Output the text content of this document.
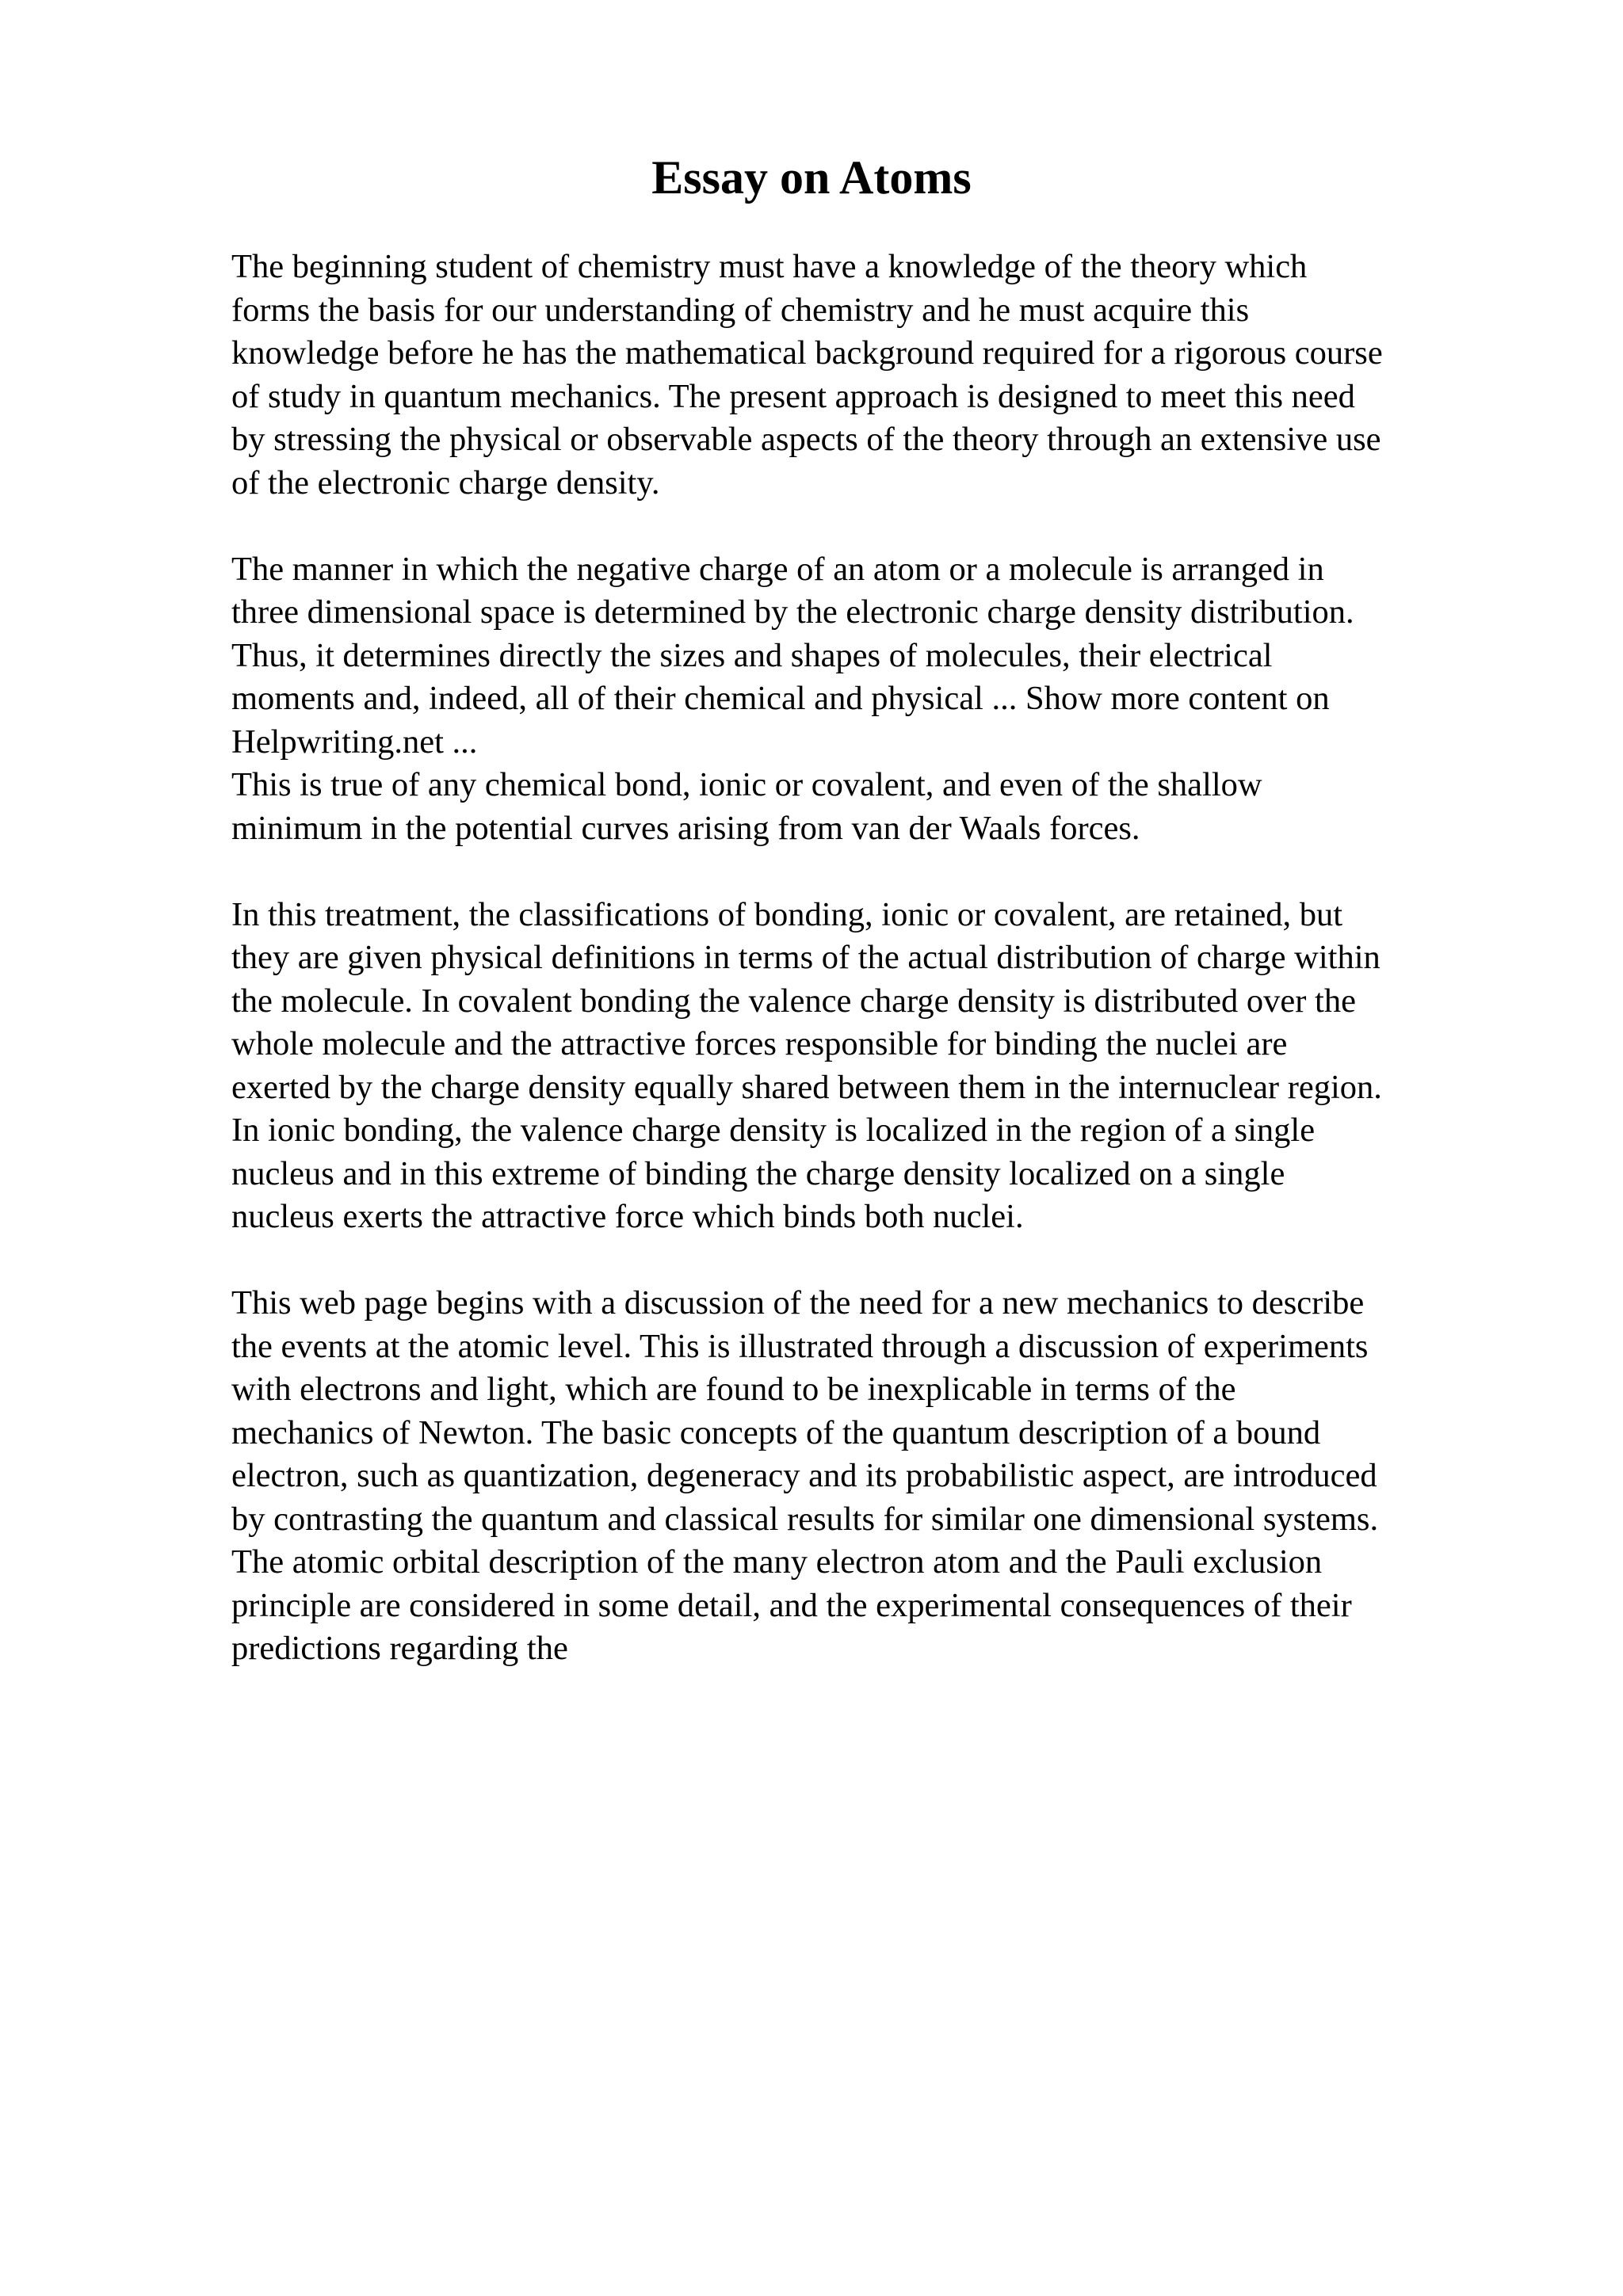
Essay on Atoms
The beginning student of chemistry must have a knowledge of the theory which
forms the basis for our understanding of chemistry and he must acquire this
knowledge before he has the mathematical background required for a rigorous course
of study in quantum mechanics. The present approach is designed to meet this need
by stressing the physical or observable aspects of the theory through an extensive use
of the electronic charge density.
The manner in which the negative charge of an atom or a molecule is arranged in
three dimensional space is determined by the electronic charge density distribution.
Thus, it determines directly the sizes and shapes of molecules, their electrical
moments and, indeed, all of their chemical and physical ... Show more content on
Helpwriting.net ...
This is true of any chemical bond, ionic or covalent, and even of the shallow
minimum in the potential curves arising from van der Waals forces.
In this treatment, the classifications of bonding, ionic or covalent, are retained, but
they are given physical definitions in terms of the actual distribution of charge within
the molecule. In covalent bonding the valence charge density is distributed over the
whole molecule and the attractive forces responsible for binding the nuclei are
exerted by the charge density equally shared between them in the internuclear region.
In ionic bonding, the valence charge density is localized in the region of a single
nucleus and in this extreme of binding the charge density localized on a single
nucleus exerts the attractive force which binds both nuclei.
This web page begins with a discussion of the need for a new mechanics to describe
the events at the atomic level. This is illustrated through a discussion of experiments
with electrons and light, which are found to be inexplicable in terms of the
mechanics of Newton. The basic concepts of the quantum description of a bound
electron, such as quantization, degeneracy and its probabilistic aspect, are introduced
by contrasting the quantum and classical results for similar one dimensional systems.
The atomic orbital description of the many electron atom and the Pauli exclusion
principle are considered in some detail, and the experimental consequences of their
predictions regarding the
